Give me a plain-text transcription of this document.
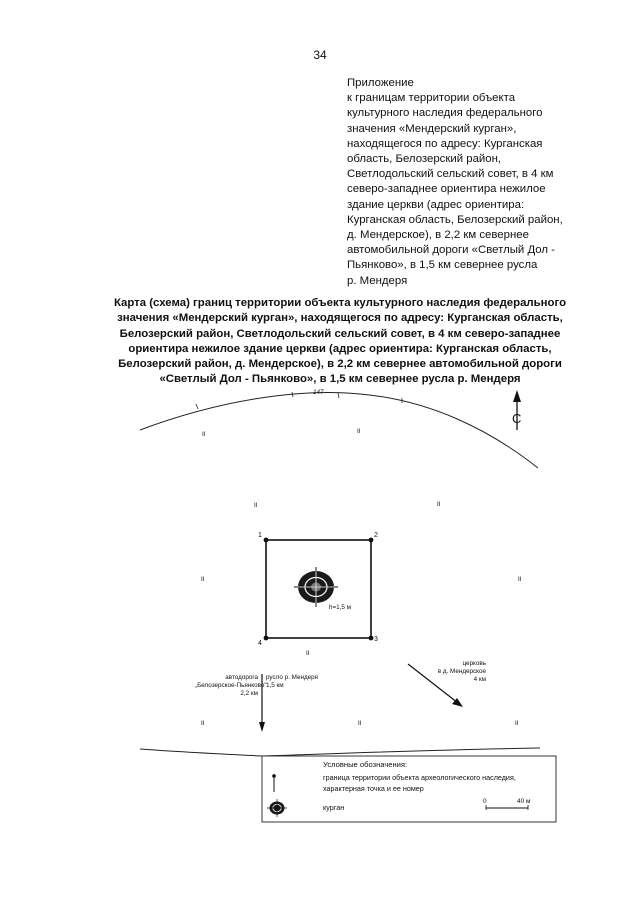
34
Приложение
к границам территории объекта
культурного наследия федерального
значения «Мендерский курган»,
находящегося по адресу: Курганская
область, Белозерский район,
Светлодольский сельский совет, в 4 км
северо-западнее ориентира нежилое
здание церкви (адрес ориентира:
Курганская область, Белозерский район,
д. Мендерское), в 2,2 км севернее
автомобильной дороги «Светлый Дол -
Пьянково», в 1,5 км севернее русла
р. Мендеря
Карта (схема) границ территории объекта культурного наследия федерального
значения «Мендерский курган», находящегося по адресу: Курганская область,
Белозерский район, Светлодольский сельский совет, в 4 км северо-западнее
ориентира нежилое здание церкви (адрес ориентира: Курганская область,
Белозерский район, д. Мендерское), в 2,2 км севернее автомобильной дороги
«Светлый Дол - Пьянково», в 1,5 км севернее русла р. Мендеря
С
147
II	II
II	II
II	II
II
II	II	II
1	2
3
4
h=1,5 м
автодорога
„Белозерское-Пьянково"
2,2 км
русло р. Мендеря
1,5 км
церковь
в д. Мендерское
4 км
Условные обозначения:
граница территории объекта археологического наследия,
характерная точка и ее номер
курган
0	40 м
